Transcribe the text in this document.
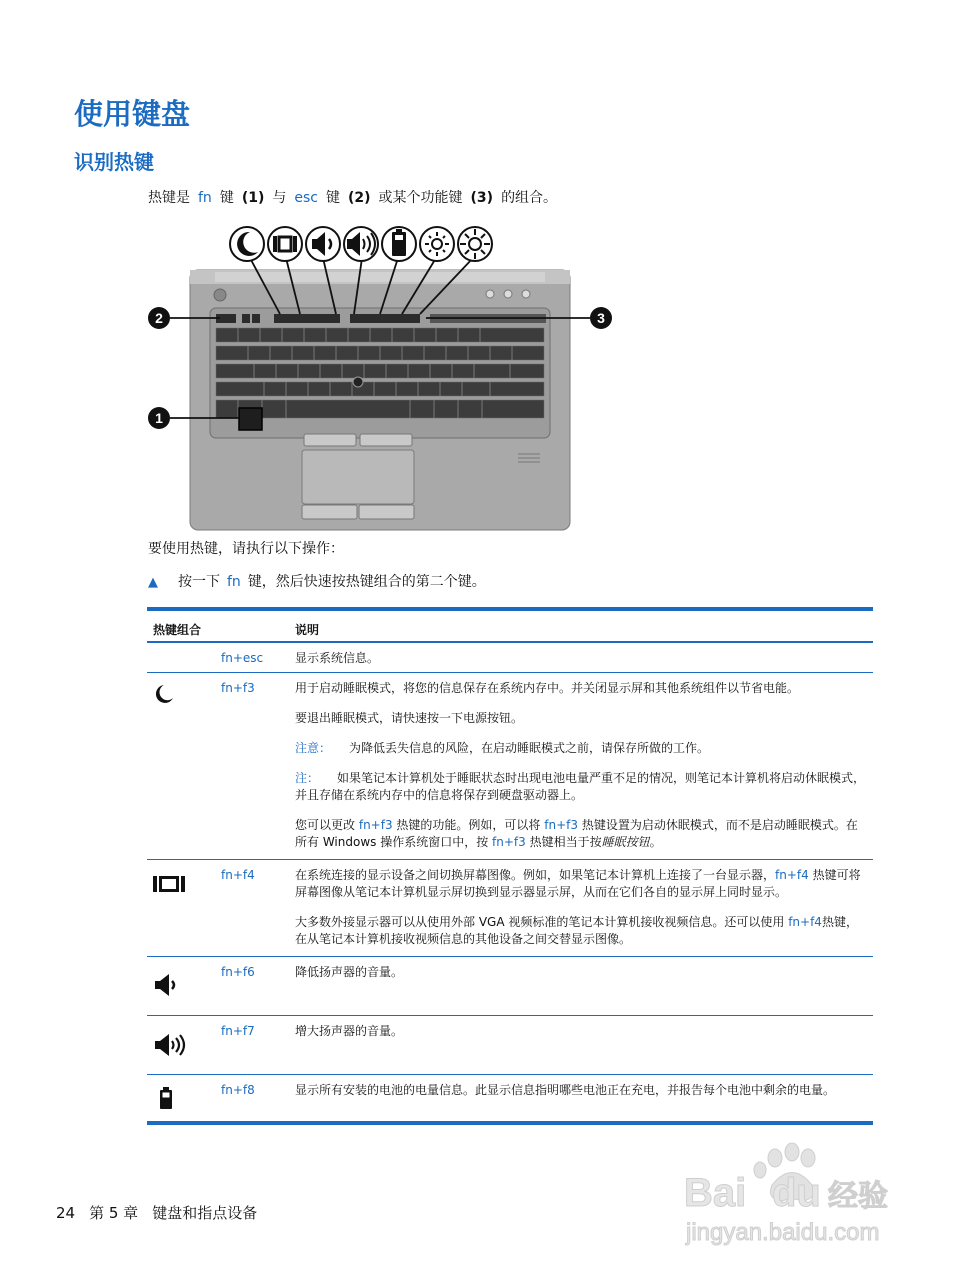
使用键盘
识别热键
热键是 fn 键 (1) 与 esc 键 (2) 或某个功能键 (3) 的组合。
2
1
3
要使用热键，请执行以下操作：
▲ 按一下 fn 键，然后快速按热键组合的第二个键。
热键组合	说明
fn+esc	显示系统信息。

fn+f3	用于启动睡眠模式，将您的信息保存在系统内存中。并关闭显示屏和其他系统组件以节省电能。

要退出睡眠模式，请快速按一下电源按钮。

注意： 为降低丢失信息的风险，在启动睡眠模式之前，请保存所做的工作。

注： 如果笔记本计算机处于睡眠状态时出现电池电量严重不足的情况，则笔记本计算机将启动休眠模式，并且存储在系统内存中的信息将保存到硬盘驱动器上。

您可以更改 fn+f3 热键的功能。例如，可以将 fn+f3 热键设置为启动休眠模式，而不是启动睡眠模式。在所有 Windows 操作系统窗口中，按 fn+f3 热键相当于按睡眠按钮。

fn+f4	在系统连接的显示设备之间切换屏幕图像。例如，如果笔记本计算机上连接了一台显示器，fn+f4 热键可将屏幕图像从笔记本计算机显示屏切换到显示器显示屏，从而在它们各自的显示屏上同时显示。

大多数外接显示器可以从使用外部 VGA 视频标准的笔记本计算机接收视频信息。还可以使用 fn+f4热键，在从笔记本计算机接收视频信息的其他设备之间交替显示图像。

fn+f6	降低扬声器的音量。

fn+f7	增大扬声器的音量。

fn+f8	显示所有安装的电池的电量信息。此显示信息指明哪些电池正在充电，并报告每个电池中剩余的电量。

24 第 5 章 键盘和指点设备	Bai du 经验
jingyan.baidu.com
